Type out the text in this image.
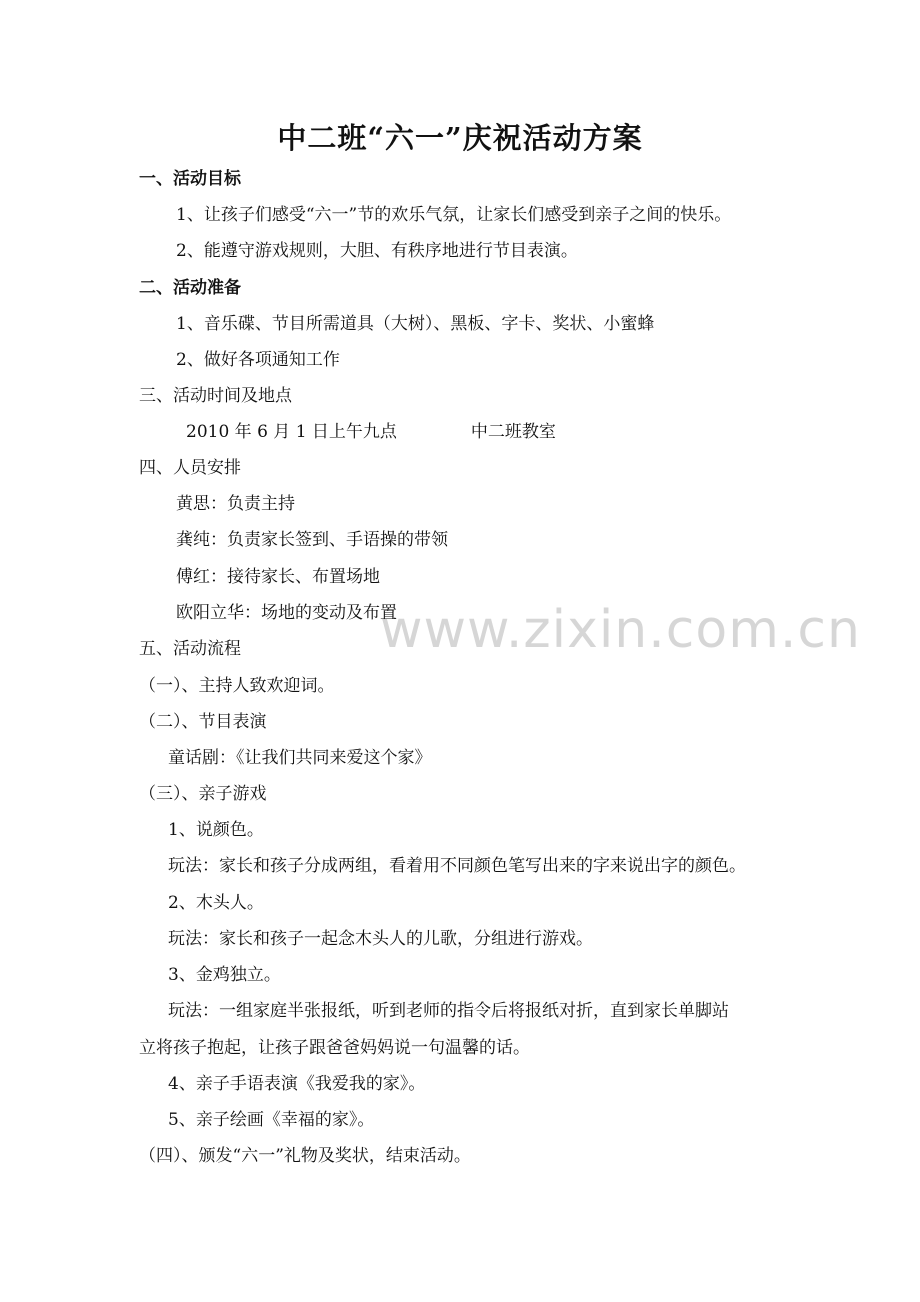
www.zixin.com.cn
中二班“六一”庆祝活动方案
一、活动目标
1、让孩子们感受“六一”节的欢乐气氛，让家长们感受到亲子之间的快乐。
2、能遵守游戏规则，大胆、有秩序地进行节目表演。
二、活动准备
1、音乐碟、节目所需道具（大树）、黑板、字卡、奖状、小蜜蜂
2、做好各项通知工作
三、活动时间及地点
2010 年 6 月 1 日上午九点	中二班教室
四、人员安排
黄思：负责主持
龚纯：负责家长签到、手语操的带领
傅红：接待家长、布置场地
欧阳立华：场地的变动及布置
五、活动流程
（一）、主持人致欢迎词。
（二）、节目表演
童话剧：《让我们共同来爱这个家》
（三）、亲子游戏
1、说颜色。
玩法：家长和孩子分成两组，看着用不同颜色笔写出来的字来说出字的颜色。
2、木头人。
玩法：家长和孩子一起念木头人的儿歌，分组进行游戏。
3、金鸡独立。
玩法：一组家庭半张报纸，听到老师的指令后将报纸对折，直到家长单脚站
立将孩子抱起，让孩子跟爸爸妈妈说一句温馨的话。
4、亲子手语表演《我爱我的家》。
5、亲子绘画《幸福的家》。
（四）、颁发“六一”礼物及奖状，结束活动。
